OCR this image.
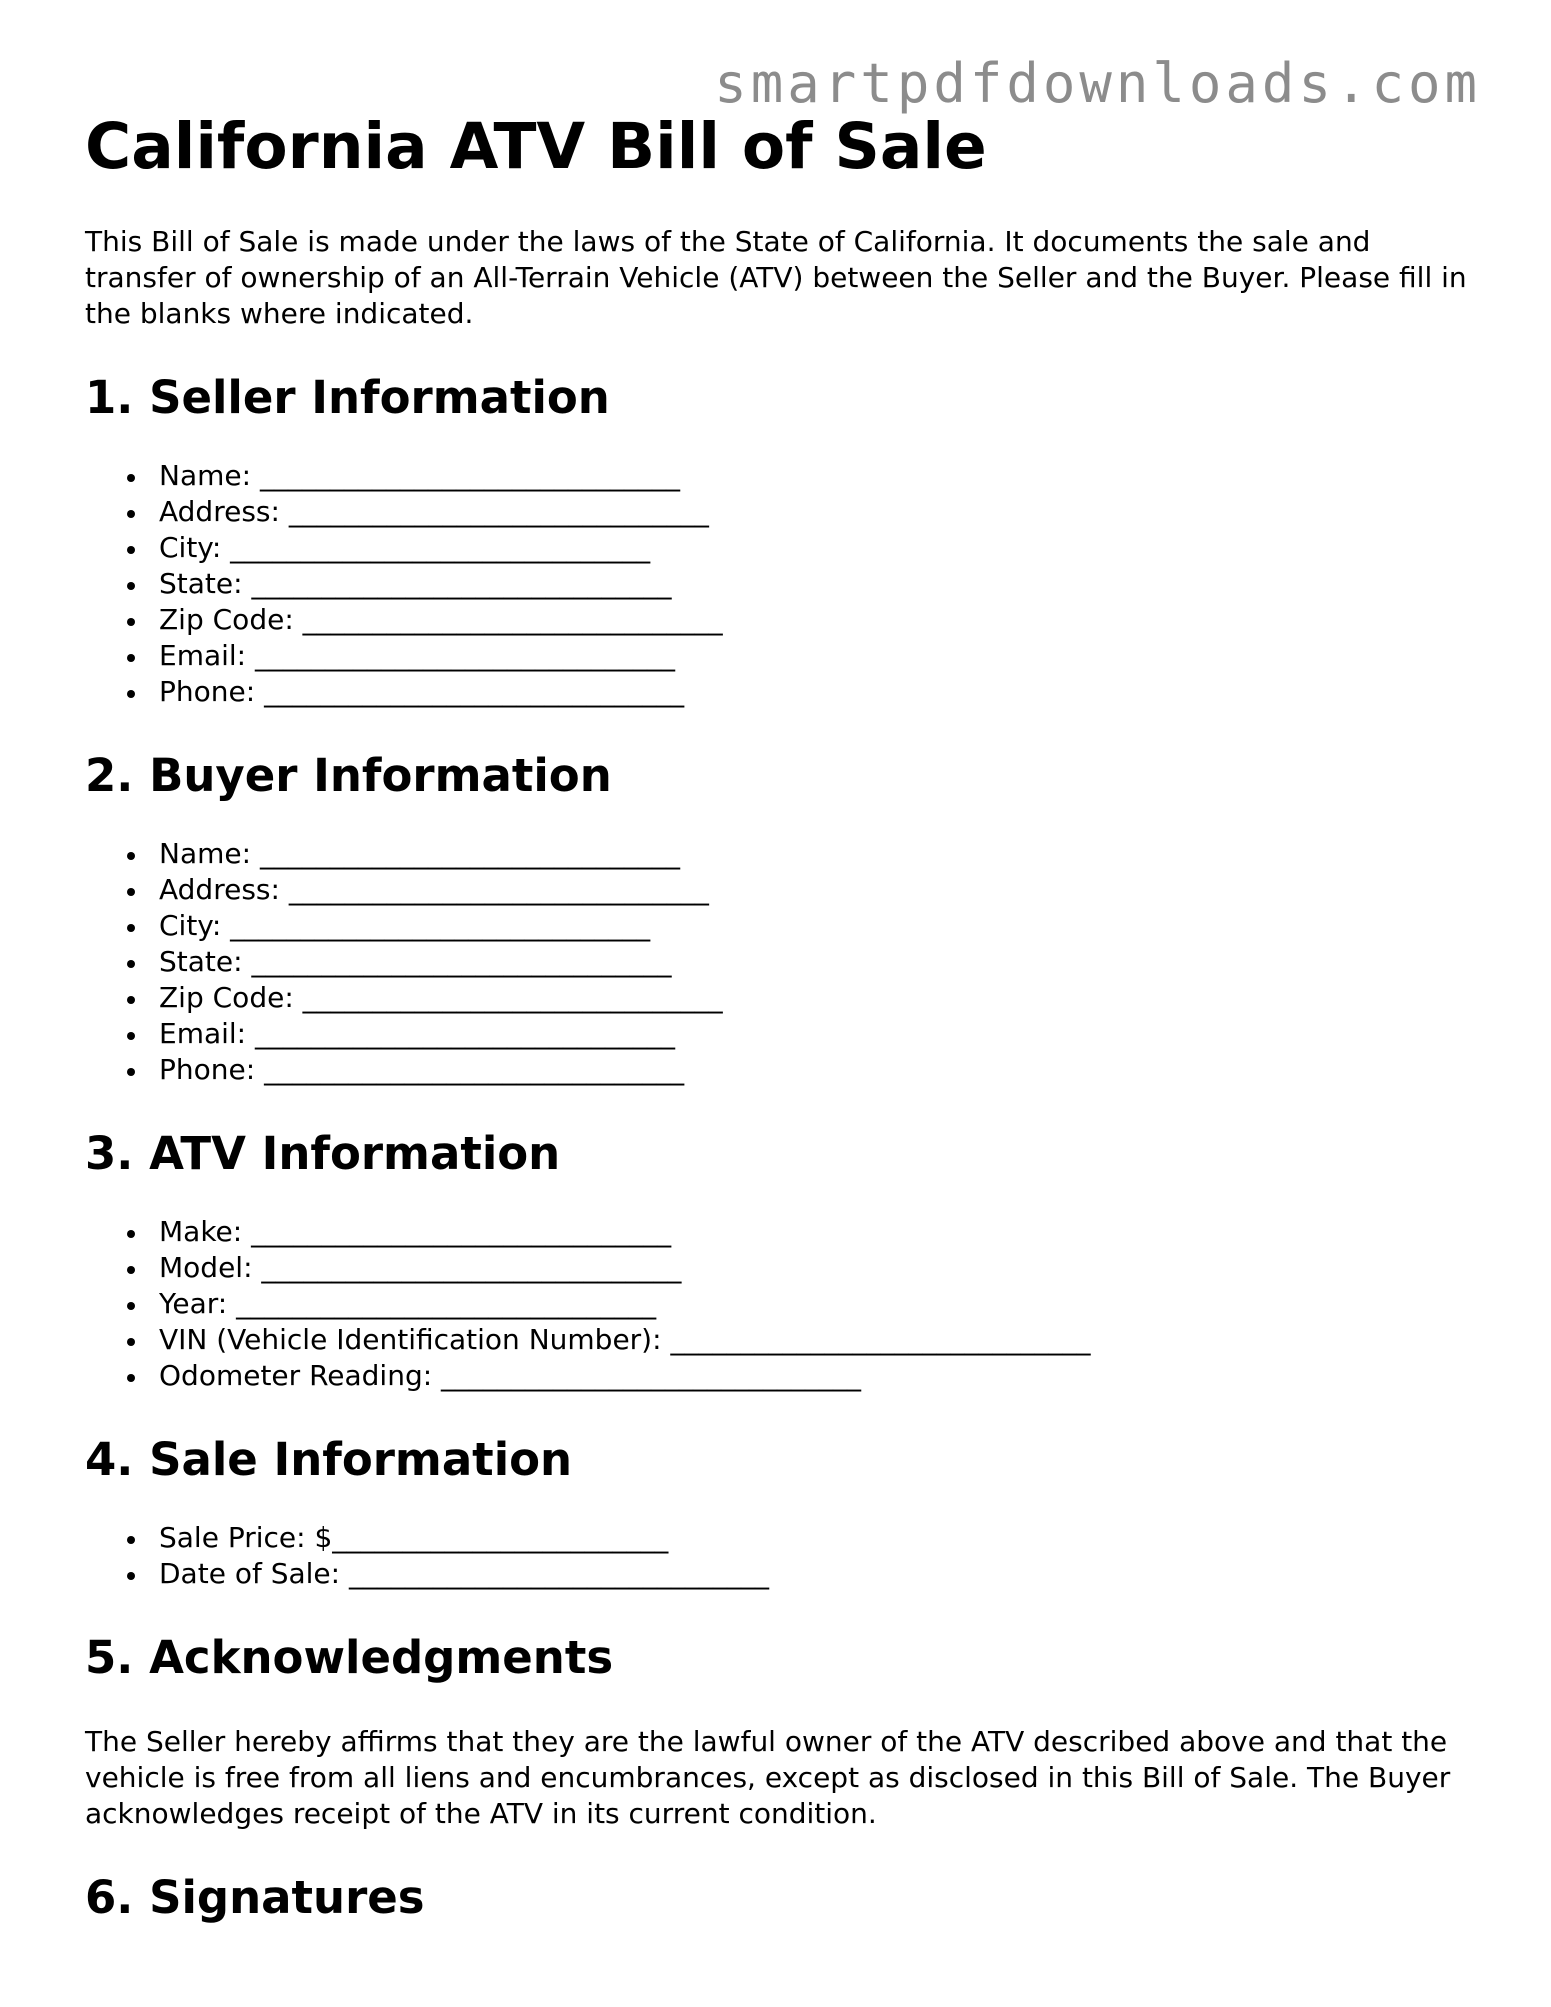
smartpdfdownloads.com
California ATV Bill of Sale

This Bill of Sale is made under the laws of the State of California. It documents the sale and transfer of ownership of an All-Terrain Vehicle (ATV) between the Seller and the Buyer. Please fill in the blanks where indicated.

1. Seller Information
Name: ______________________________
Address: ______________________________
City: ______________________________
State: ______________________________
Zip Code: ______________________________
Email: ______________________________
Phone: ______________________________
2. Buyer Information
Name: ______________________________
Address: ______________________________
City: ______________________________
State: ______________________________
Zip Code: ______________________________
Email: ______________________________
Phone: ______________________________
3. ATV Information
Make: ______________________________
Model: ______________________________
Year: ______________________________
VIN (Vehicle Identification Number): ______________________________
Odometer Reading: ______________________________
4. Sale Information
Sale Price: $________________________
Date of Sale: ______________________________
5. Acknowledgments

The Seller hereby affirms that they are the lawful owner of the ATV described above and that the vehicle is free from all liens and encumbrances, except as disclosed in this Bill of Sale. The Buyer acknowledges receipt of the ATV in its current condition.

6. Signatures
